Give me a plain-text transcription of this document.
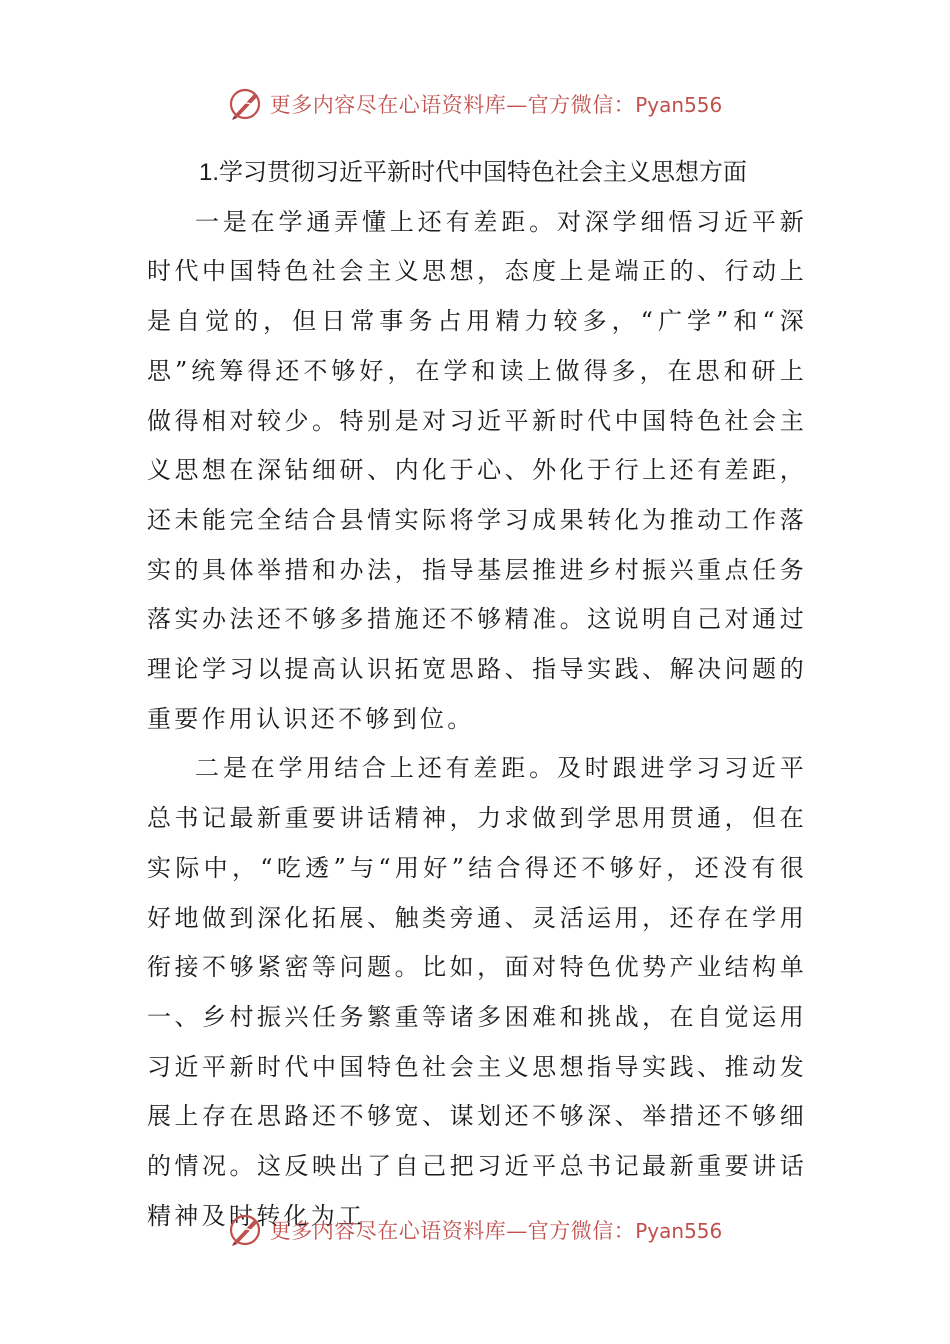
更多内容尽在心语资料库—官方微信：Pyan556

1.学习贯彻习近平新时代中国特色社会主义思想方面

一是在学通弄懂上还有差距。对深学细悟习近平新时代中国特色社会主义思想，态度上是端正的、行动上是自觉的，但日常事务占用精力较多，“广学”和“深思”统筹得还不够好，在学和读上做得多，在思和研上做得相对较少。特别是对习近平新时代中国特色社会主义思想在深钻细研、内化于心、外化于行上还有差距，还未能完全结合县情实际将学习成果转化为推动工作落实的具体举措和办法，指导基层推进乡村振兴重点任务落实办法还不够多措施还不够精准。这说明自己对通过理论学习以提高认识拓宽思路、指导实践、解决问题的重要作用认识还不够到位。

二是在学用结合上还有差距。及时跟进学习习近平总书记最新重要讲话精神，力求做到学思用贯通，但在实际中，“吃透”与“用好”结合得还不够好，还没有很好地做到深化拓展、触类旁通、灵活运用，还存在学用衔接不够紧密等问题。比如，面对特色优势产业结构单一、乡村振兴任务繁重等诸多困难和挑战，在自觉运用习近平新时代中国特色社会主义思想指导实践、推动发展上存在思路还不够宽、谋划还不够深、举措还不够细的情况。这反映出了自己把习近平总书记最新重要讲话精神及时转化为工

更多内容尽在心语资料库—官方微信：Pyan556
